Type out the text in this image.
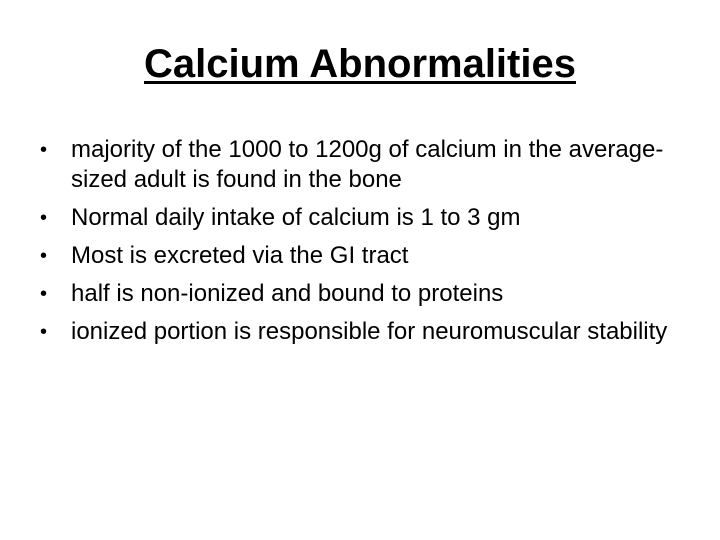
Calcium Abnormalities
• majority of the 1000 to 1200g of calcium in the average-sized adult is found in the bone
• Normal daily intake of calcium is 1 to 3 gm
• Most is excreted via the GI tract
• half is non-ionized and bound to proteins
• ionized portion is responsible for neuromuscular stability
